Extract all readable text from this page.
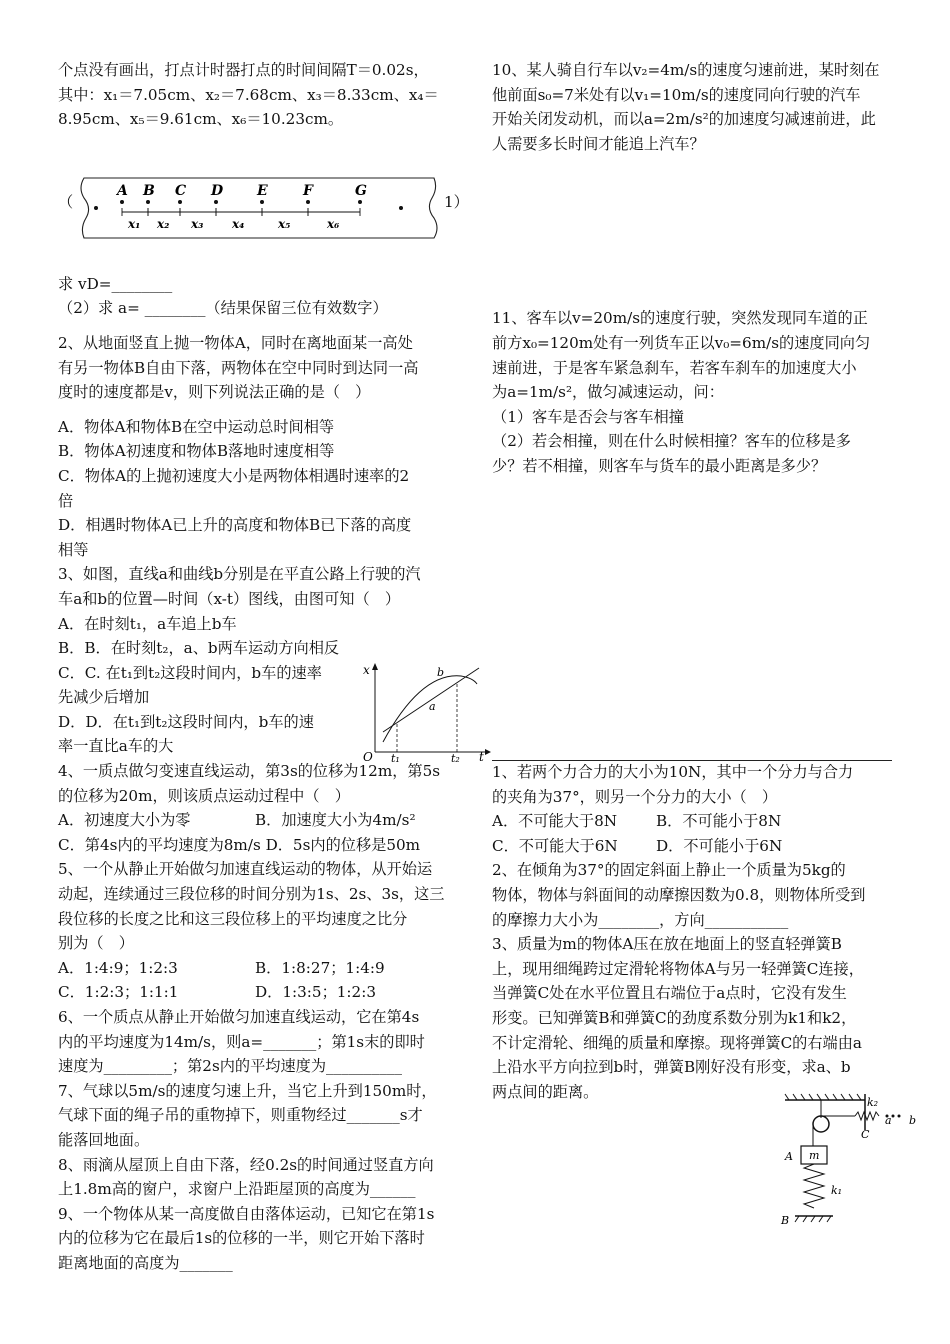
个点没有画出，打点计时器打点的时间间隔T＝0.02s，

其中：x₁＝7.05cm、x₂＝7.68cm、x₃＝8.33cm、x₄＝

8.95cm、x₅＝9.61cm、x₆＝10.23cm。

（	1）
A B C D E	F	G
x₁ x₂ x₃ x₄	x₅	x₆

求 vD=________

（2）求 a= ________（结果保留三位有效数字）

2、从地面竖直上抛一物体A，同时在离地面某一高处

有另一物体B自由下落，两物体在空中同时到达同一高

度时的速度都是v，则下列说法正确的是（　）

A．物体A和物体B在空中运动总时间相等

B．物体A初速度和物体B落地时速度相等

C．物体A的上抛初速度大小是两物体相遇时速率的2

倍

D．相遇时物体A已上升的高度和物体B已下落的高度

相等

3、如图，直线a和曲线b分别是在平直公路上行驶的汽

车a和b的位置—时间（x-t）图线，由图可知（　）

A．在时刻t₁，a车追上b车

B．B．在时刻t₂，a、b两车运动方向相反

C．C. 在t₁到t₂这段时间内，b车的速率

先减少后增加

D．D．在t₁到t₂这段时间内，b车的速

率一直比a车的大

x
O	t
t₁	t₂
a
b

4、一质点做匀变速直线运动，第3s的位移为12m，第5s

的位移为20m，则该质点运动过程中（　）

A．初速度大小为零	B．加速度大小为4m/s²

C．第4s内的平均速度为8m/s D．5s内的位移是50m

5、一个从静止开始做匀加速直线运动的物体，从开始运

动起，连续通过三段位移的时间分别为1s、2s、3s，这三

段位移的长度之比和这三段位移上的平均速度之比分

别为（　）

A．1:4:9；1:2:3	B．1:8:27；1:4:9
C．1:2:3；1:1:1	D．1:3:5；1:2:3

6、一个质点从静止开始做匀加速直线运动，它在第4s

内的平均速度为14m/s，则a=_______；第1s末的即时

速度为_________；第2s内的平均速度为__________

7、气球以5m/s的速度匀速上升，当它上升到150m时，

气球下面的绳子吊的重物掉下，则重物经过_______s才

能落回地面。

8、雨滴从屋顶上自由下落，经0.2s的时间通过竖直方向

上1.8m高的窗户，求窗户上沿距屋顶的高度为______

9、一个物体从某一高度做自由落体运动，已知它在第1s

内的位移为它在最后1s的位移的一半，则它开始下落时

距离地面的高度为_______

10、某人骑自行车以v₂=4m/s的速度匀速前进，某时刻在

他前面s₀=7米处有以v₁=10m/s的速度同向行驶的汽车

开始关闭发动机，而以a=2m/s²的加速度匀减速前进，此

人需要多长时间才能追上汽车？

11、客车以v=20m/s的速度行驶，突然发现同车道的正

前方x₀=120m处有一列货车正以v₀=6m/s的速度同向匀

速前进，于是客车紧急刹车，若客车刹车的加速度大小

为a=1m/s²，做匀减速运动，问：

（1）客车是否会与客车相撞

（2）若会相撞，则在什么时候相撞？客车的位移是多

少？若不相撞，则客车与货车的最小距离是多少？

1、若两个力合力的大小为10N，其中一个分力与合力

的夹角为37°，则另一个分力的大小（　）

A．不可能大于8N	B．不可能小于8N
C．不可能大于6N	D．不可能小于6N

2、在倾角为37°的固定斜面上静止一个质量为5kg的

物体，物体与斜面间的动摩擦因数为0.8，则物体所受到

的摩擦力大小为________，方向___________

3、质量为m的物体A压在放在地面上的竖直轻弹簧B

上，现用细绳跨过定滑轮将物体A与另一轻弹簧C连接，

当弹簧C处在水平位置且右端位于a点时，它没有发生

形变。已知弹簧B和弹簧C的劲度系数分别为k1和k2，

不计定滑轮、细绳的质量和摩擦。现将弹簧C的右端由a

上沿水平方向拉到b时，弹簧B刚好没有形变，求a、b

两点间的距离。

k₂
a b
C
A m
k₁
B
